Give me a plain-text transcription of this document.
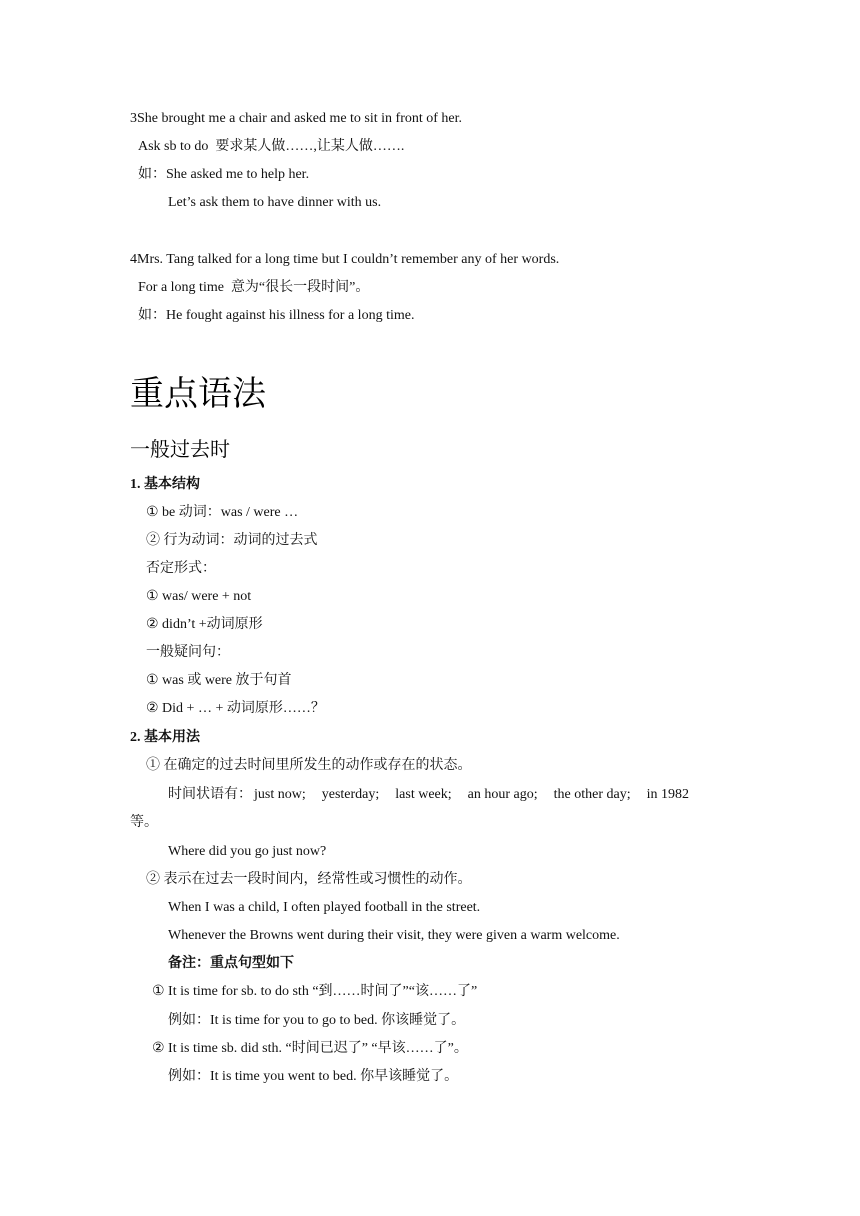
3She brought me a chair and asked me to sit in front of her.
Ask sb to do 要求某人做……,让某人做…….
如：She asked me to help her.
Let’s ask them to have dinner with us.
4Mrs. Tang talked for a long time but I couldn’t remember any of her words.
For a long time 意为“很长一段时间”。
如：He fought against his illness for a long time.
重点语法
一般过去时
1. 基本结构
① be 动词：was / were …
② 行为动词：动词的过去式
否定形式：
① was/ were + not
② didn’t +动词原形
一般疑问句：
① was 或 were 放于句首
② Did + … + 动词原形……？
2. 基本用法
① 在确定的过去时间里所发生的动作或存在的状态。
时间状语有： just now; yesterday; last week; an hour ago; the other day; in 1982
等。
Where did you go just now?
② 表示在过去一段时间内，经常性或习惯性的动作。
When I was a child, I often played football in the street.
Whenever the Browns went during their visit, they were given a warm welcome.
备注：重点句型如下
① It is time for sb. to do sth “到……时间了”“该……了”
例如：It is time for you to go to bed. 你该睡觉了。
② It is time sb. did sth. “时间已迟了” “早该……了”。
例如：It is time you went to bed. 你早该睡觉了。
